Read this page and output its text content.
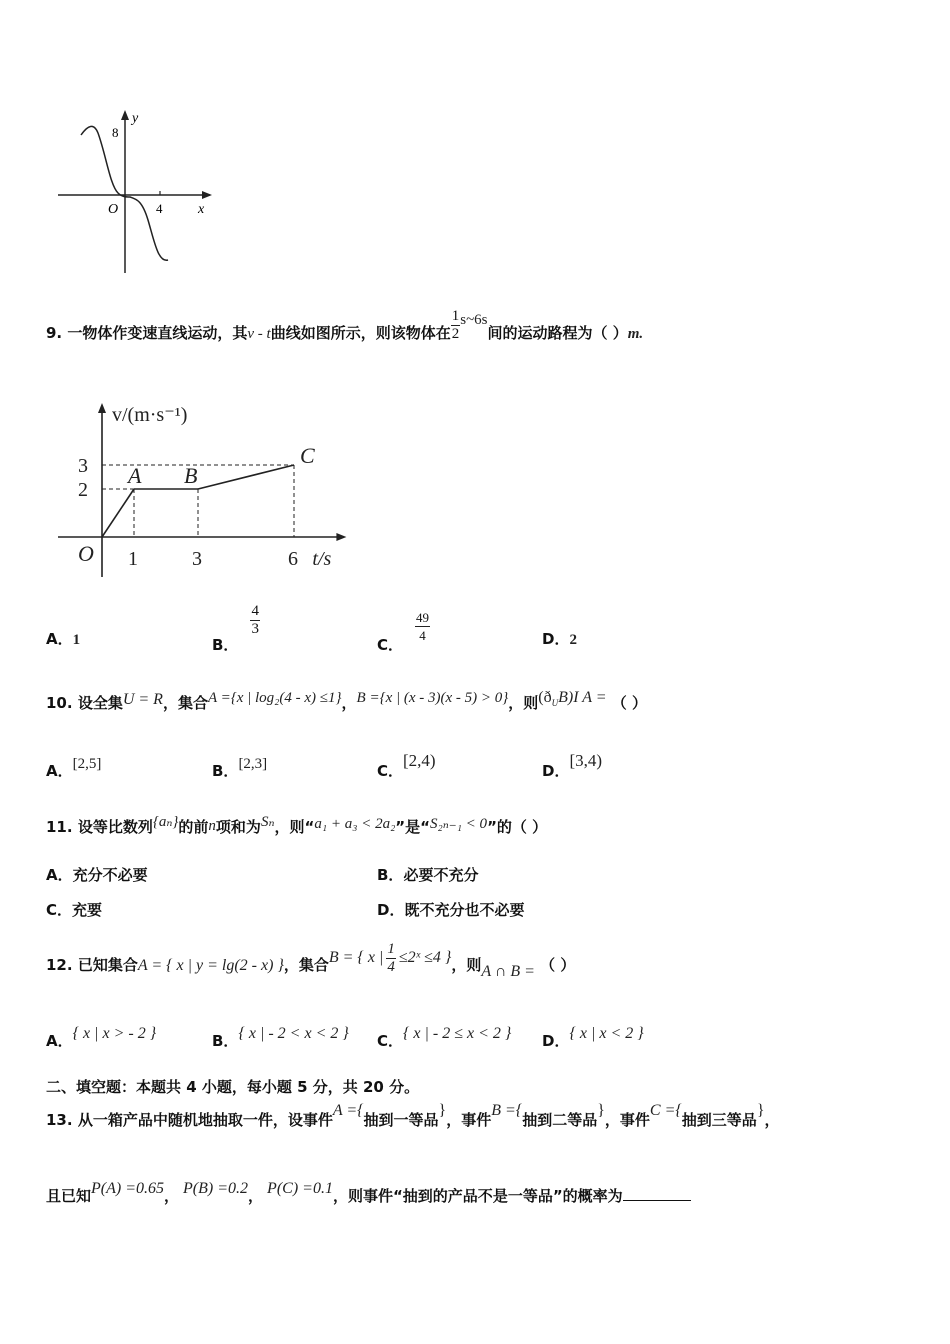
y
8
O	4	x
9. 一物体作变速直线运动，其v - t曲线如图所示，则该物体在 $\frac{1}{2}$ s~6s间的运动路程为（ ）m.
O
A B
C
1	3	6
2
3
t/s
v/(m·s⁻¹)
A．1	B．
$\frac{4}{3}$
C．
$\frac{49}{4}$	D．2
10. 设全集U = R，集合A ={x | log₂(4 - x) ≤1}，B ={x | (x - 3)(x - 5) > 0}，则$(ð_UB)I$ A = （ ）
A．[2,5]	B．[2,3]	C．[2,4)
D．[3,4)
11. 设等比数列{aₙ}的前n项和为Sₙ，则“a₁ + a₃ < 2a₂”是“S₂ₙ₋₁ < 0”的（ ）
A．充分不必要	B．必要不充分
C．充要	D．既不充分也不必要
12. 已知集合A = { x | y = lg(2 - x) }，集合B = { x | $\frac{1}{4}$ ≤2ˣ ≤4 }，则A ∩ B = （ ）
A．{ x | x > - 2 }	B．{ x | - 2 < x < 2 } C．{ x | - 2 ≤ x < 2 } D．{ x | x < 2 }
二、填空题：本题共 4 小题，每小题 5 分，共 20 分。
13. 从一箱产品中随机地抽取一件，设事件A ={抽到一等品}，事件B ={抽到二等品}，事件C ={抽到三等品}，
且已知P(A) =0.65， P(B) =0.2， P(C) =0.1，则事件“抽到的产品不是一等品”的概率为
